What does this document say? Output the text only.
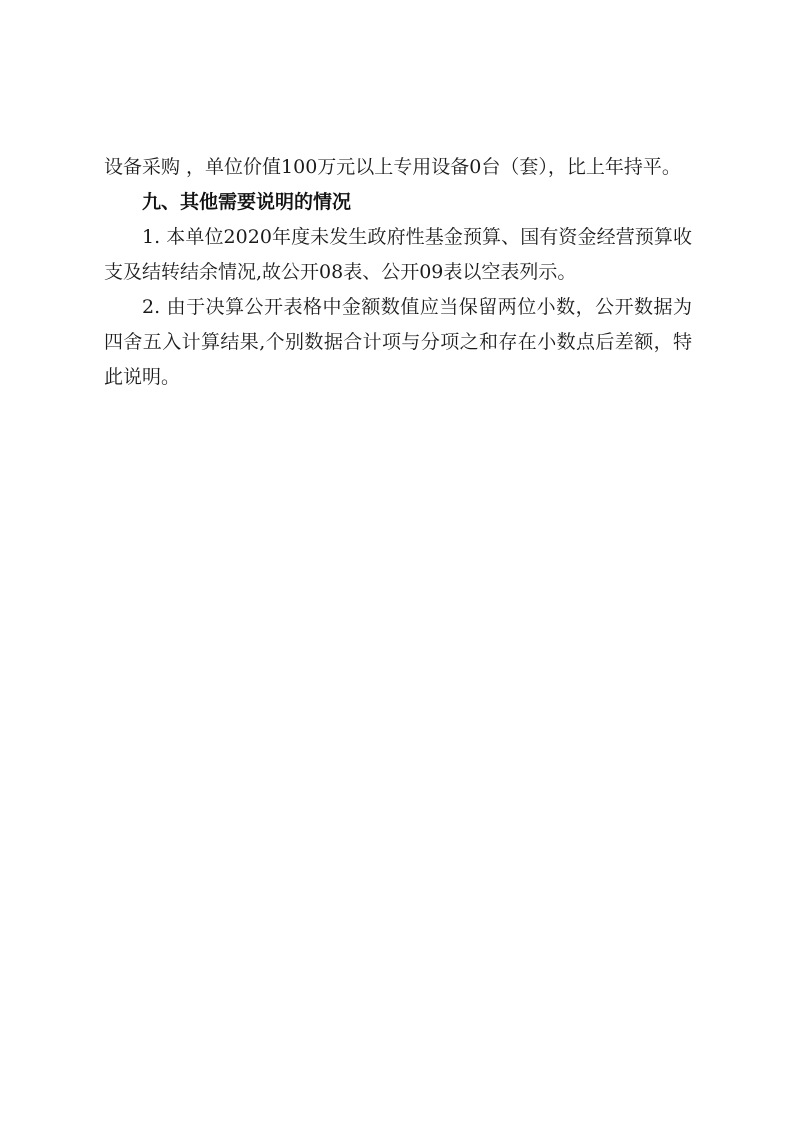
设备采购 ，单位价值100万元以上专用设备0台（套），比上年持平。

九、其他需要说明的情况

1. 本单位2020年度未发生政府性基金预算、国有资金经营预算收支及结转结余情况,故公开08表、公开09表以空表列示。

2. 由于决算公开表格中金额数值应当保留两位小数，公开数据为四舍五入计算结果,个别数据合计项与分项之和存在小数点后差额，特此说明。
